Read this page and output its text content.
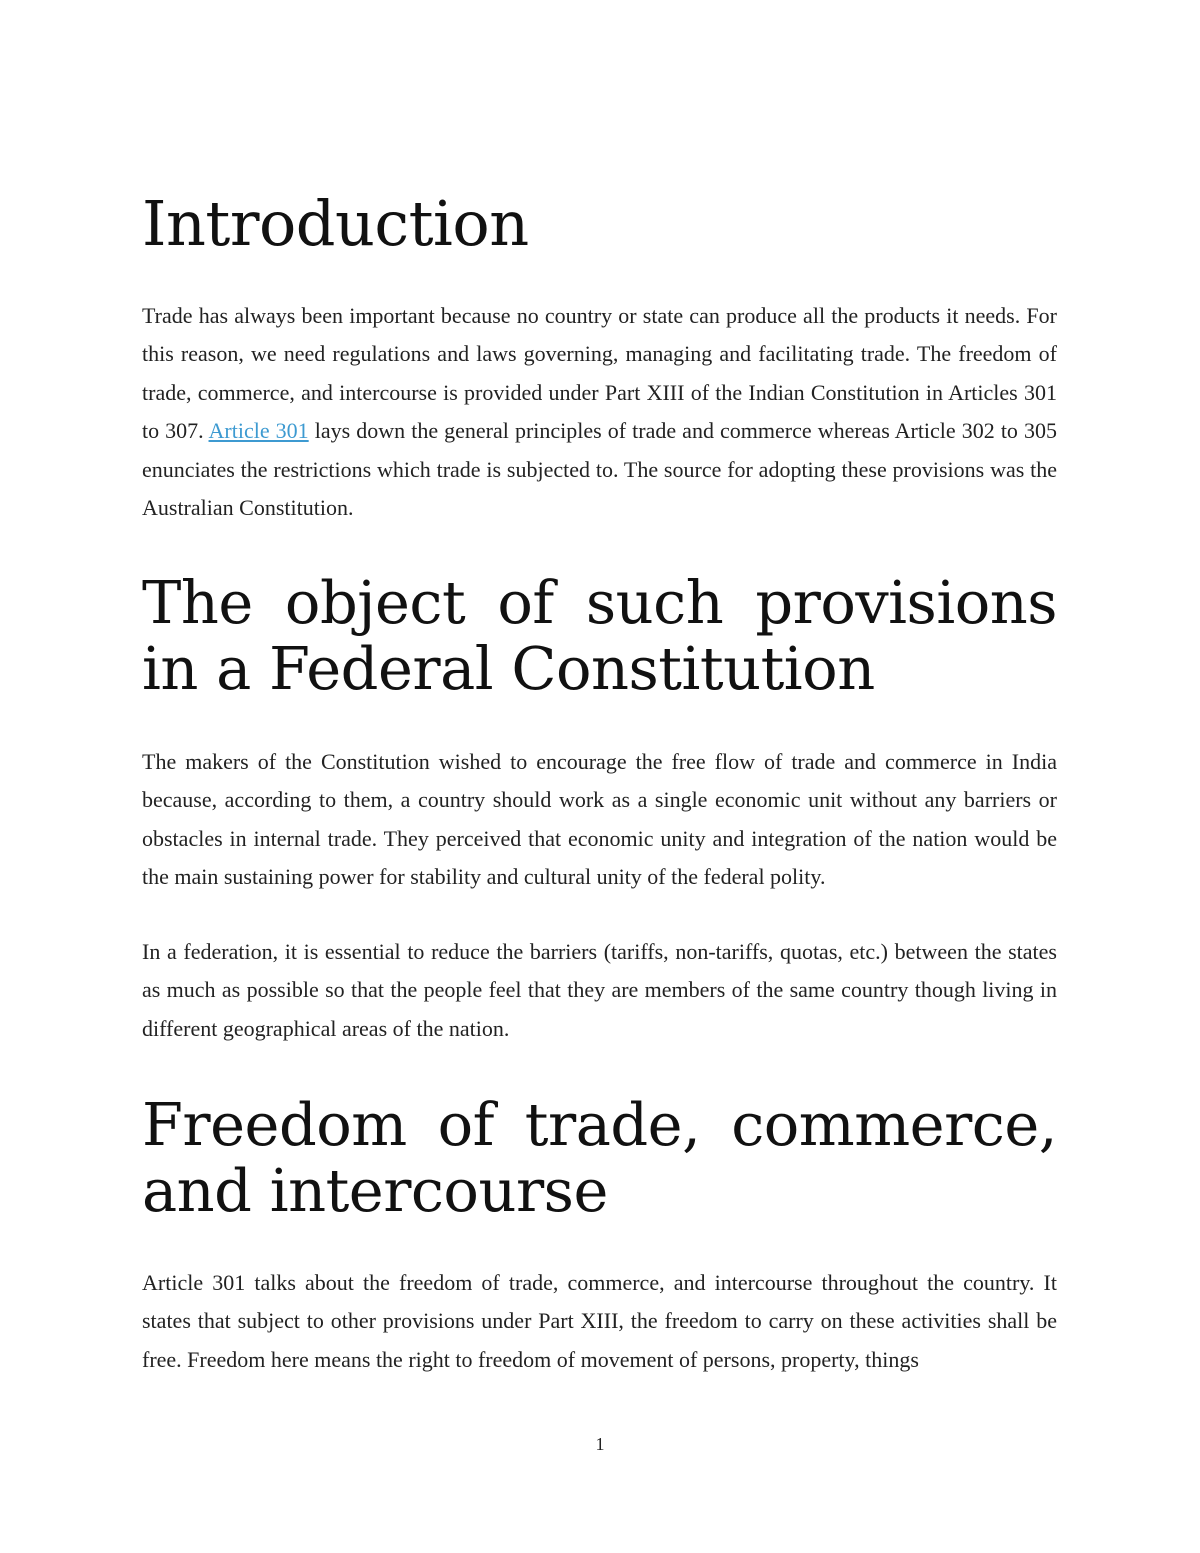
Introduction

Trade has always been important because no country or state can produce all the products it needs. For this reason, we need regulations and laws governing, managing and facilitating trade. The freedom of trade, commerce, and intercourse is provided under Part XIII of the Indian Constitution in Articles 301 to 307. Article 301 lays down the general principles of trade and commerce whereas Article 302 to 305 enunciates the restrictions which trade is subjected to. The source for adopting these provisions was the Australian Constitution.

The object of such provisions in a Federal Constitution

The makers of the Constitution wished to encourage the free flow of trade and commerce in India because, according to them, a country should work as a single economic unit without any barriers or obstacles in internal trade. They perceived that economic unity and integration of the nation would be the main sustaining power for stability and cultural unity of the federal polity.

In a federation, it is essential to reduce the barriers (tariffs, non-tariffs, quotas, etc.) between the states as much as possible so that the people feel that they are members of the same country though living in different geographical areas of the nation.

Freedom of trade, commerce, and intercourse

Article 301 talks about the freedom of trade, commerce, and intercourse throughout the country. It states that subject to other provisions under Part XIII, the freedom to carry on these activities shall be free. Freedom here means the right to freedom of movement of persons, property, things

1
